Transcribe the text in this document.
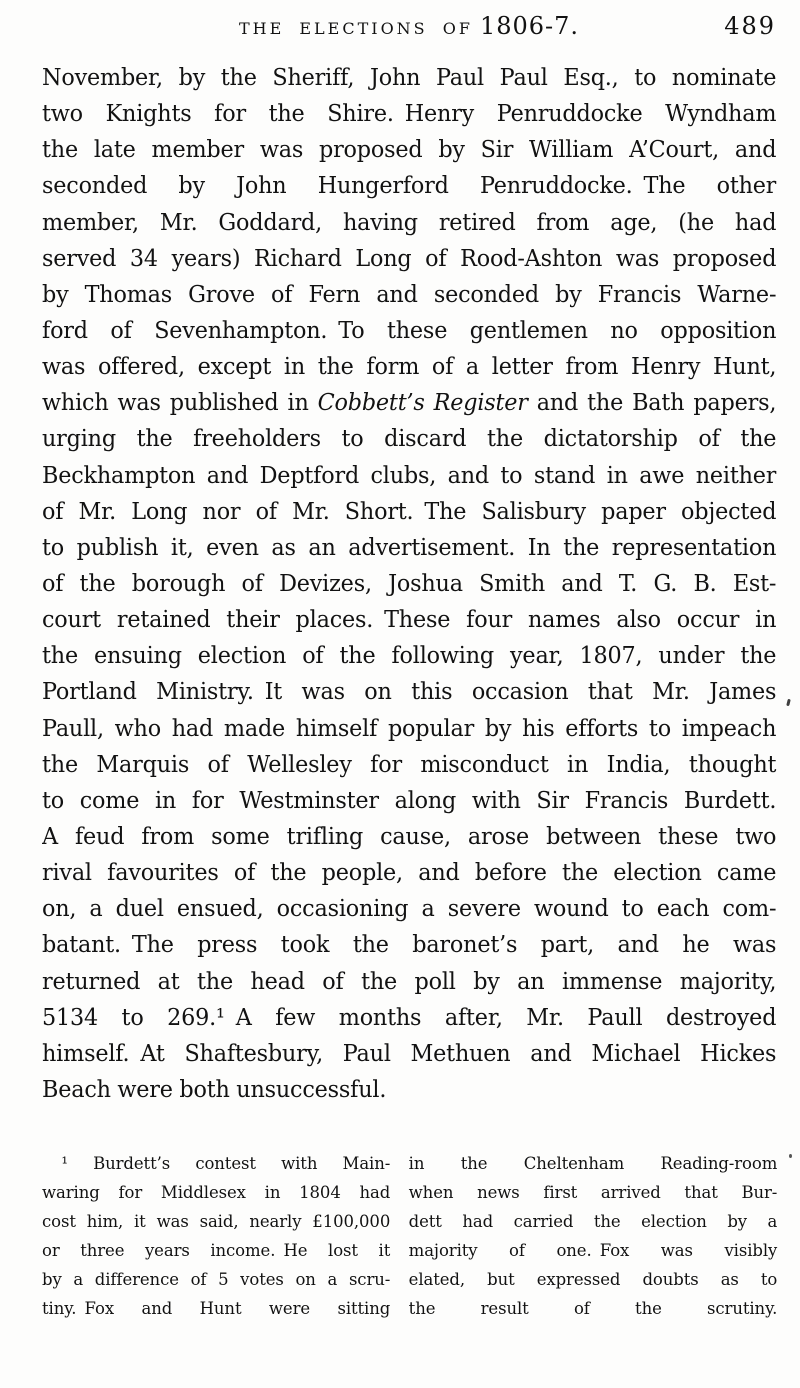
THE ELECTIONS OF 1806-7.	489
November, by the Sheriff, John Paul Paul Esq., to nominate
two Knights for the Shire. Henry Penruddocke Wyndham
the late member was proposed by Sir William A’Court, and
seconded by John Hungerford Penruddocke. The other
member, Mr. Goddard, having retired from age, (he had
served 34 years) Richard Long of Rood-Ashton was proposed
by Thomas Grove of Fern and seconded by Francis Warne-
ford of Sevenhampton. To these gentlemen no opposition
was offered, except in the form of a letter from Henry Hunt,
which was published in Cobbett’s Register and the Bath papers,
urging the freeholders to discard the dictatorship of the
Beckhampton and Deptford clubs, and to stand in awe neither
of Mr. Long nor of Mr. Short. The Salisbury paper objected
to publish it, even as an advertisement. In the representation
of the borough of Devizes, Joshua Smith and T. G. B. Est-
court retained their places. These four names also occur in
the ensuing election of the following year, 1807, under the
Portland Ministry. It was on this occasion that Mr. James
Paull, who had made himself popular by his efforts to impeach
the Marquis of Wellesley for misconduct in India, thought
to come in for Westminster along with Sir Francis Burdett.
A feud from some trifling cause, arose between these two
rival favourites of the people, and before the election came
on, a duel ensued, occasioning a severe wound to each com-
batant. The press took the baronet’s part, and he was
returned at the head of the poll by an immense majority,
5134 to 269.¹ A few months after, Mr. Paull destroyed
himself. At Shaftesbury, Paul Methuen and Michael Hickes
Beach were both unsuccessful.
¹ Burdett’s contest with Main-
waring for Middlesex in 1804 had
cost him, it was said, nearly £100,000
or three years income. He lost it
by a difference of 5 votes on a scru-
tiny. Fox and Hunt were sitting
in the Cheltenham Reading-room
when news first arrived that Bur-
dett had carried the election by a
majority of one. Fox was visibly
elated, but expressed doubts as to
the result of the scrutiny.
